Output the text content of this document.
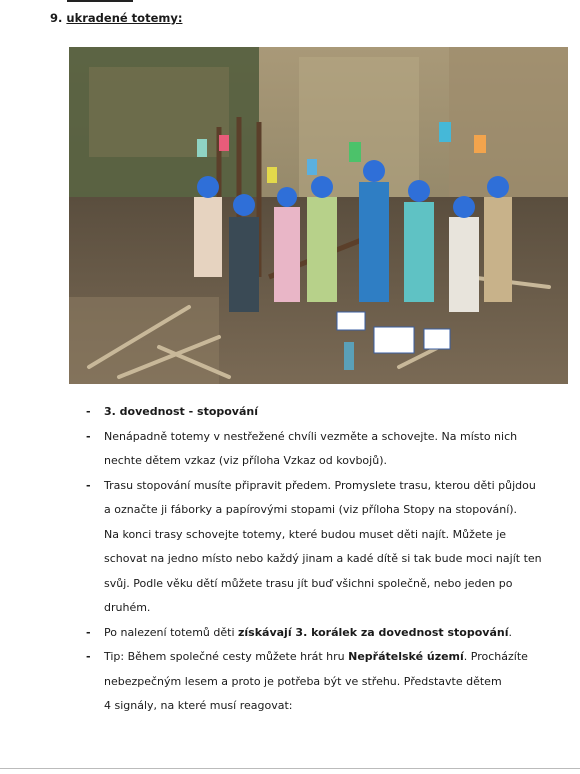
9. ukradené totemy:
- 3. dovednost - stopování
- Nenápadně totemy v nestřežené chvíli vezměte a schovejte. Na místo nich
nechte dětem vzkaz (viz příloha Vzkaz od kovbojů).
- Trasu stopování musíte připravit předem. Promyslete trasu, kterou děti půjdou
a označte ji fáborky a papírovými stopami (viz příloha Stopy na stopování).
Na konci trasy schovejte totemy, které budou muset děti najít. Můžete je
schovat na jedno místo nebo každý jinam a kadé dítě si tak bude moci najít ten
svůj. Podle věku dětí můžete trasu jít buď všichni společně, nebo jeden po
druhém.
- Po nalezení totemů děti získávají 3. korálek za dovednost stopování.
- Tip: Během společné cesty můžete hrát hru Nepřátelské území. Procházíte
nebezpečným lesem a proto je potřeba být ve střehu. Představte dětem
4 signály, na které musí reagovat:
